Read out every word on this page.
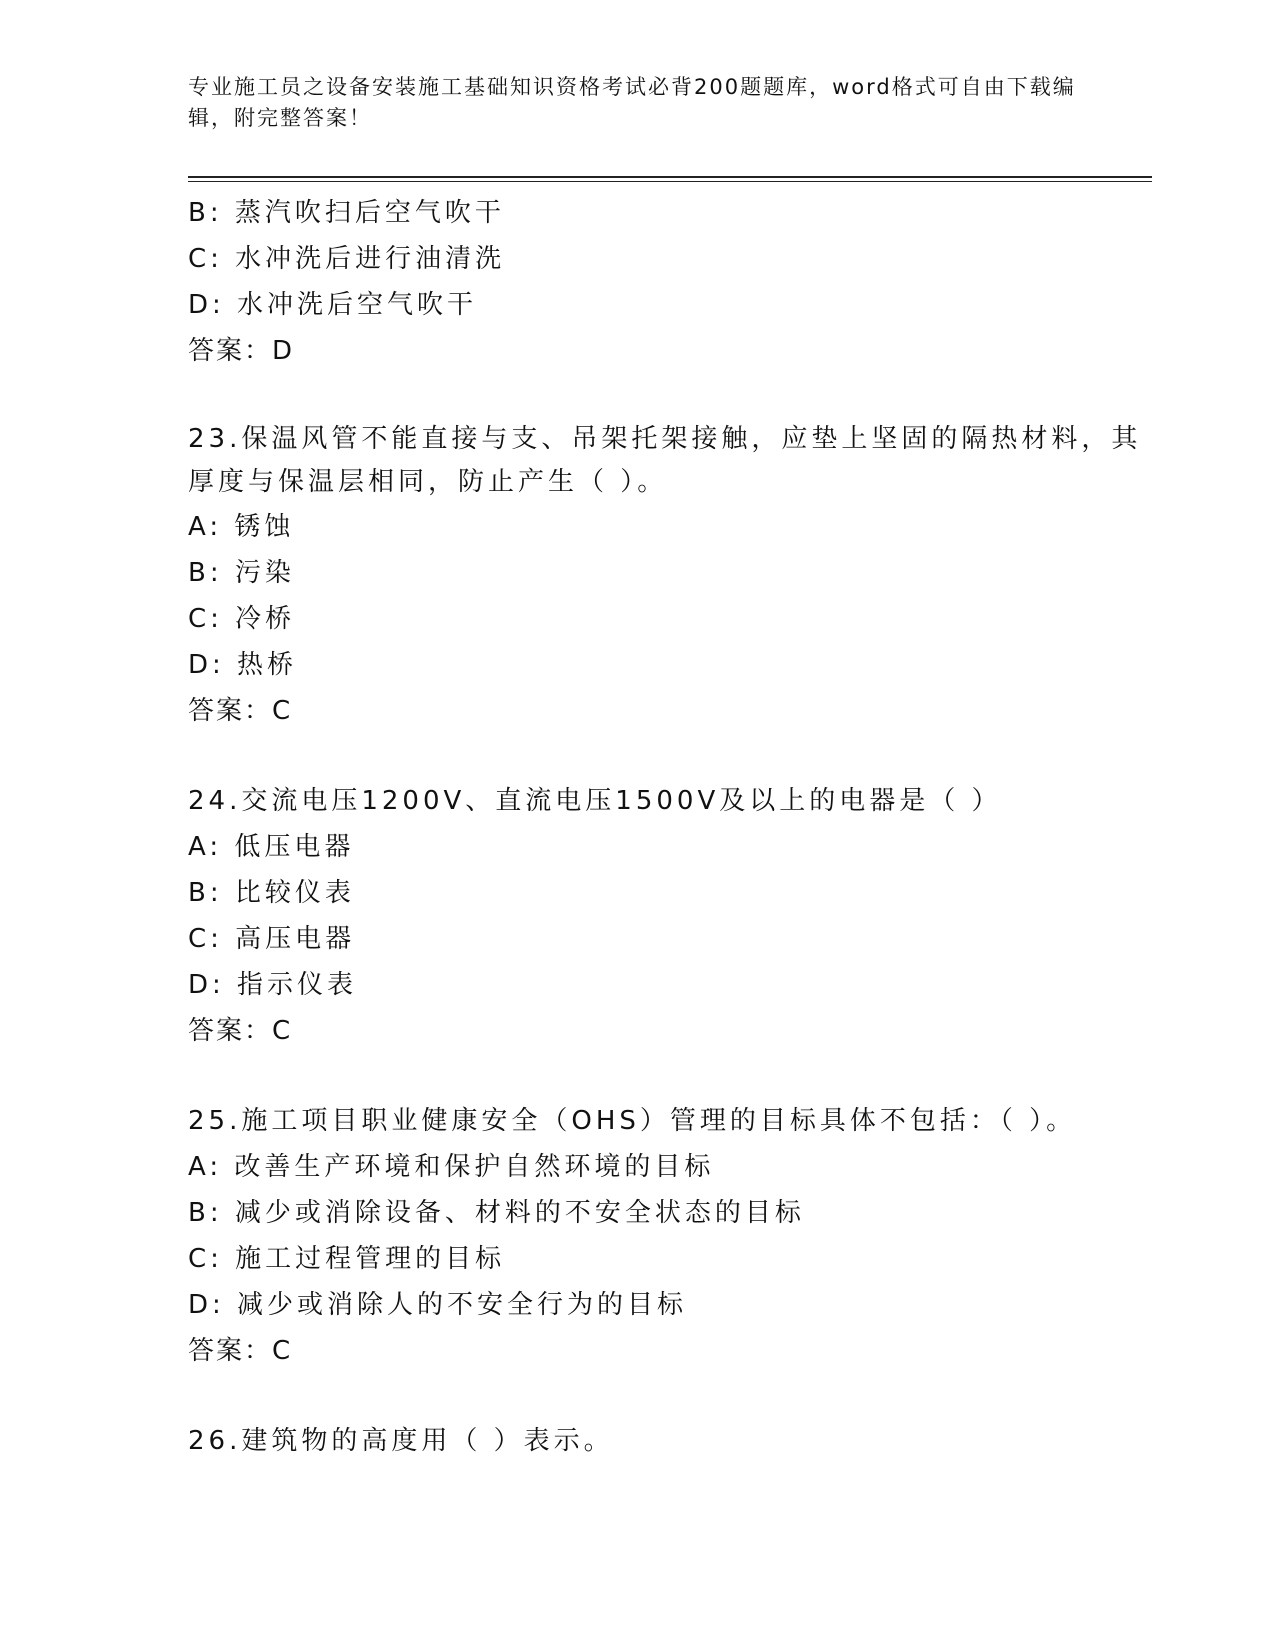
专业施工员之设备安装施工基础知识资格考试必背200题题库，word格式可自由下载编辑，附完整答案！
B: 蒸汽吹扫后空气吹干
C: 水冲洗后进行油清洗
D: 水冲洗后空气吹干
答案：D
23.保温风管不能直接与支、吊架托架接触，应垫上坚固的隔热材料，其厚度与保温层相同，防止产生（ ）。
A: 锈蚀
B: 污染
C: 冷桥
D: 热桥
答案：C
24.交流电压1200V、直流电压1500V及以上的电器是（ ）
A: 低压电器
B: 比较仪表
C: 高压电器
D: 指示仪表
答案：C
25.施工项目职业健康安全（OHS）管理的目标具体不包括：（ ）。
A: 改善生产环境和保护自然环境的目标
B: 减少或消除设备、材料的不安全状态的目标
C: 施工过程管理的目标
D: 减少或消除人的不安全行为的目标
答案：C
26.建筑物的高度用（ ）表示。
